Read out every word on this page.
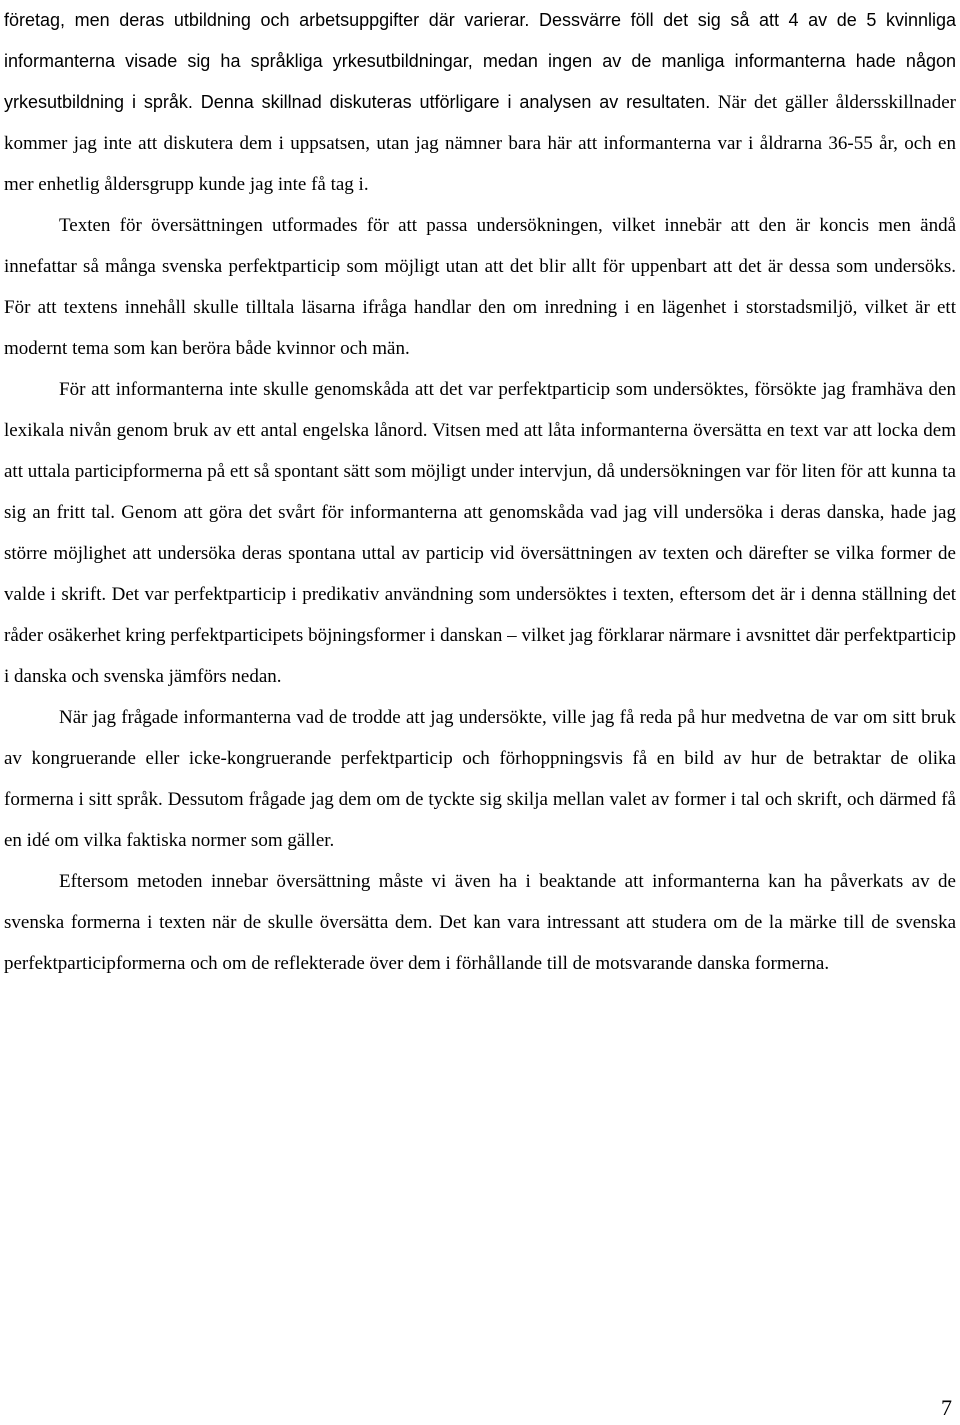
företag, men deras utbildning och arbetsuppgifter där varierar. Dessvärre föll det sig så att 4 av de 5 kvinnliga informanterna visade sig ha språkliga yrkesutbildningar, medan ingen av de manliga informanterna hade någon yrkesutbildning i språk. Denna skillnad diskuteras utförligare i analysen av resultaten. När det gäller åldersskillnader kommer jag inte att diskutera dem i uppsatsen, utan jag nämner bara här att informanterna var i åldrarna 36-55 år, och en mer enhetlig åldersgrupp kunde jag inte få tag i.

Texten för översättningen utformades för att passa undersökningen, vilket innebär att den är koncis men ändå innefattar så många svenska perfektparticip som möjligt utan att det blir allt för uppenbart att det är dessa som undersöks. För att textens innehåll skulle tilltala läsarna ifråga handlar den om inredning i en lägenhet i storstadsmiljö, vilket är ett modernt tema som kan beröra både kvinnor och män.

För att informanterna inte skulle genomskåda att det var perfektparticip som undersöktes, försökte jag framhäva den lexikala nivån genom bruk av ett antal engelska lånord. Vitsen med att låta informanterna översätta en text var att locka dem att uttala participformerna på ett så spontant sätt som möjligt under intervjun, då undersökningen var för liten för att kunna ta sig an fritt tal. Genom att göra det svårt för informanterna att genomskåda vad jag vill undersöka i deras danska, hade jag större möjlighet att undersöka deras spontana uttal av particip vid översättningen av texten och därefter se vilka former de valde i skrift. Det var perfektparticip i predikativ användning som undersöktes i texten, eftersom det är i denna ställning det råder osäkerhet kring perfektparticipets böjningsformer i danskan – vilket jag förklarar närmare i avsnittet där perfektparticip i danska och svenska jämförs nedan.

När jag frågade informanterna vad de trodde att jag undersökte, ville jag få reda på hur medvetna de var om sitt bruk av kongruerande eller icke-kongruerande perfektparticip och förhoppningsvis få en bild av hur de betraktar de olika formerna i sitt språk. Dessutom frågade jag dem om de tyckte sig skilja mellan valet av former i tal och skrift, och därmed få en idé om vilka faktiska normer som gäller.

Eftersom metoden innebar översättning måste vi även ha i beaktande att informanterna kan ha påverkats av de svenska formerna i texten när de skulle översätta dem. Det kan vara intressant att studera om de la märke till de svenska perfektparticipformerna och om de reflekterade över dem i förhållande till de motsvarande danska formerna.

7
